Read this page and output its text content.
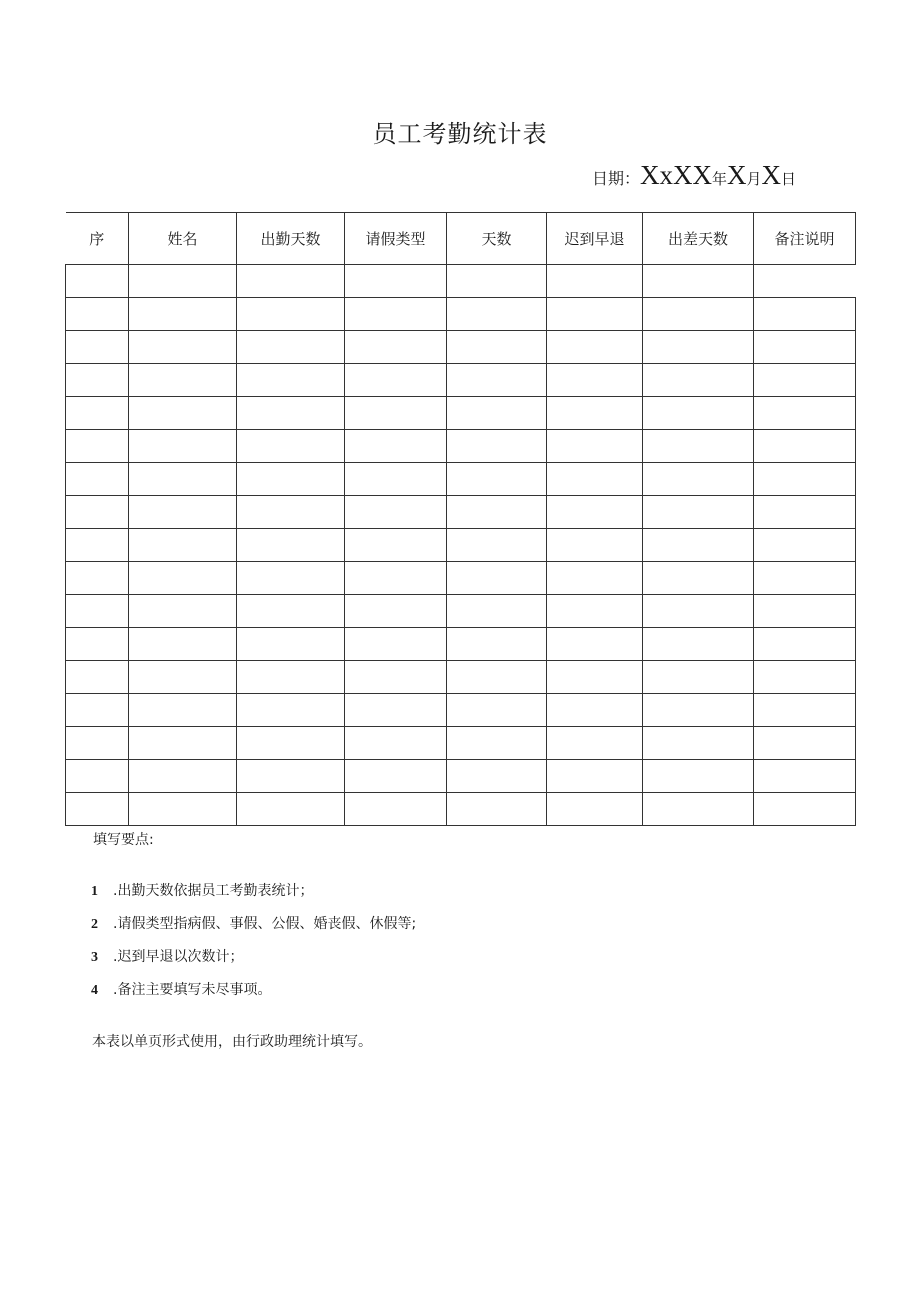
员工考勤统计表
日期：XxXX年X月X日
序	姓名	出勤天数	请假类型	天数	迟到早退	出差天数	备注说明

填写要点:
1 .出勤天数依据员工考勤表统计；
2 .请假类型指病假、事假、公假、婚丧假、休假等;
3 .迟到早退以次数计；
4 .备注主要填写未尽事项。
本表以单页形式使用，由行政助理统计填写。
